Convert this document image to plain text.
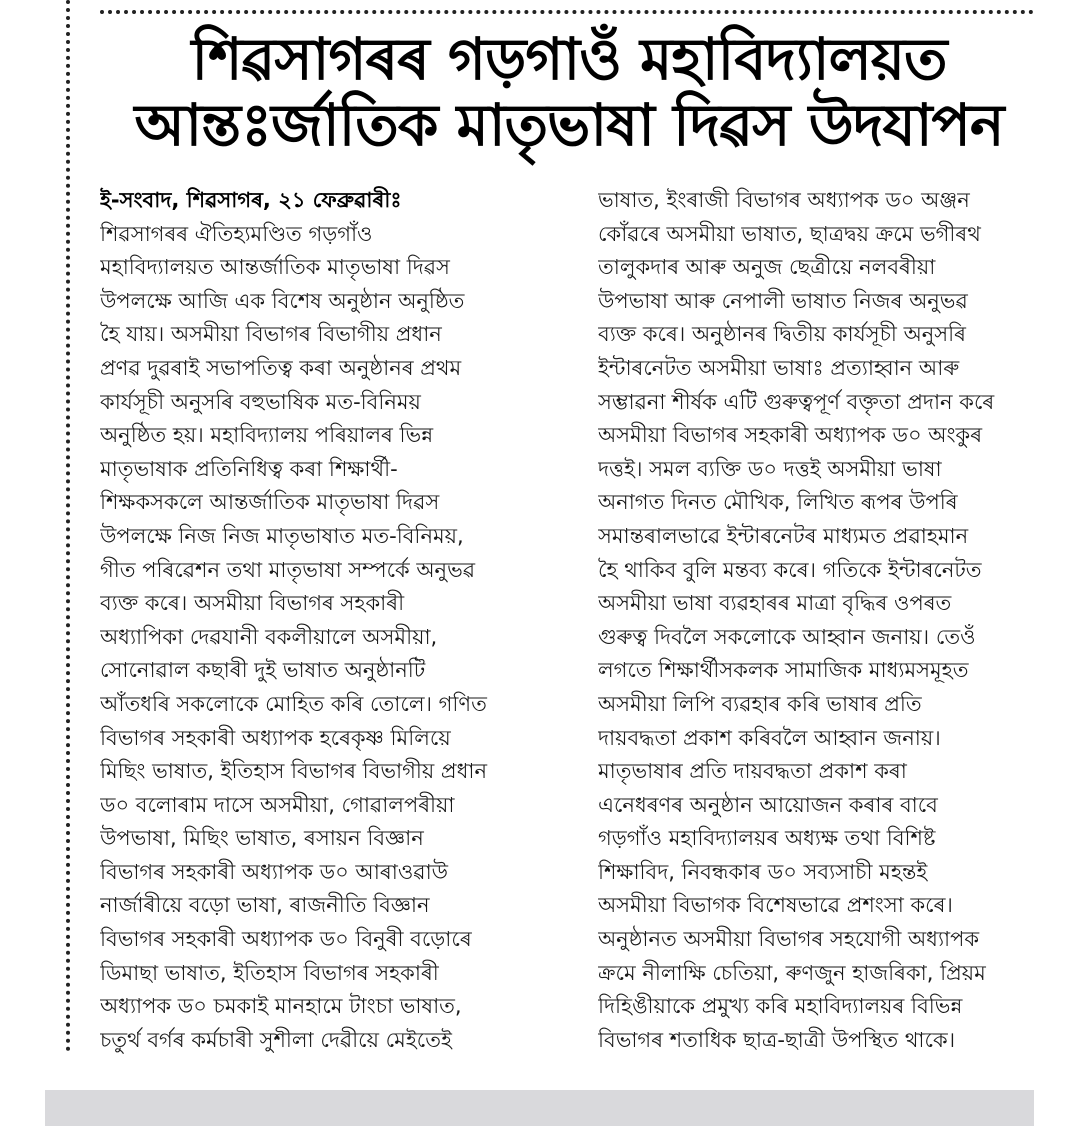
শিৱসাগৰৰ গড়গাওঁ মহাবিদ্যালয়ত
আন্তঃৰ্জাতিক মাতৃভাষা দিৱস উদযাপন
ই-সংবাদ, শিৱসাগৰ, ২১ ফেব্ৰুৱাৰীঃ
শিৱসাগৰৰ ঐতিহ্যমণ্ডিত গড়গাঁও
মহাবিদ্যালয়ত আন্তৰ্জাতিক মাতৃভাষা দিৱস
উপলক্ষে আজি এক বিশেষ অনুষ্ঠান অনুষ্ঠিত
হৈ যায়। অসমীয়া বিভাগৰ বিভাগীয় প্ৰধান
প্ৰণৱ দুৱৰাই সভাপতিত্ব কৰা অনুষ্ঠানৰ প্ৰথম
কাৰ্যসূচী অনুসৰি বহুভাষিক মত-বিনিময়
অনুষ্ঠিত হয়। মহাবিদ্যালয় পৰিয়ালৰ ভিন্ন
মাতৃভাষাক প্ৰতিনিধিত্ব কৰা শিক্ষাৰ্থী-
শিক্ষকসকলে আন্তৰ্জাতিক মাতৃভাষা দিৱস
উপলক্ষে নিজ নিজ মাতৃভাষাত মত-বিনিময়,
গীত পৰিৱেশন তথা মাতৃভাষা সম্পৰ্কে অনুভৱ
ব্যক্ত কৰে। অসমীয়া বিভাগৰ সহকাৰী
অধ্যাপিকা দেৱযানী বকলীয়ালে অসমীয়া,
সোনোৱাল কছাৰী দুই ভাষাত অনুষ্ঠানটি
আঁতধৰি সকলোকে মোহিত কৰি তোলে। গণিত
বিভাগৰ সহকাৰী অধ্যাপক হৰেকৃষ্ণ মিলিয়ে
মিছিং ভাষাত, ইতিহাস বিভাগৰ বিভাগীয় প্ৰধান
ড০ বলোৰাম দাসে অসমীয়া, গোৱালপৰীয়া
উপভাষা, মিছিং ভাষাত, ৰসায়ন বিজ্ঞান
বিভাগৰ সহকাৰী অধ্যাপক ড০ আৰাওৱাউ
নাৰ্জাৰীয়ে বড়ো ভাষা, ৰাজনীতি বিজ্ঞান
বিভাগৰ সহকাৰী অধ্যাপক ড০ বিনুৰী বড়োৰে
ডিমাছা ভাষাত, ইতিহাস বিভাগৰ সহকাৰী
অধ্যাপক ড০ চমকাই মানহামে টাংচা ভাষাত,
চতুৰ্থ বৰ্গৰ কৰ্মচাৰী সুশীলা দেৱীয়ে মেইতেই
ভাষাত, ইংৰাজী বিভাগৰ অধ্যাপক ড০ অঞ্জন
কোঁৱৰে অসমীয়া ভাষাত, ছাত্ৰদ্বয় ক্ৰমে ভগীৰথ
তালুকদাৰ আৰু অনুজ ছেত্ৰীয়ে নলবৰীয়া
উপভাষা আৰু নেপালী ভাষাত নিজৰ অনুভৱ
ব্যক্ত কৰে। অনুষ্ঠানৰ দ্বিতীয় কাৰ্যসূচী অনুসৰি
ইন্টাৰনেটত অসমীয়া ভাষাঃ প্ৰত্যাহ্বান আৰু
সম্ভাৱনা শীৰ্ষক এটি গুৰুত্বপূৰ্ণ বক্তৃতা প্ৰদান কৰে
অসমীয়া বিভাগৰ সহকাৰী অধ্যাপক ড০ অংকুৰ
দত্তই। সমল ব্যক্তি ড০ দত্তই অসমীয়া ভাষা
অনাগত দিনত মৌখিক, লিখিত ৰূপৰ উপৰি
সমান্তৰালভাৱে ইন্টাৰনেটৰ মাধ্যমত প্ৰৱাহমান
হৈ থাকিব বুলি মন্তব্য কৰে। গতিকে ইন্টাৰনেটত
অসমীয়া ভাষা ব্যৱহাৰৰ মাত্ৰা বৃদ্ধিৰ ওপৰত
গুৰুত্ব দিবলৈ সকলোকে আহ্বান জনায়। তেওঁ
লগতে শিক্ষাৰ্থীসকলক সামাজিক মাধ্যমসমূহত
অসমীয়া লিপি ব্যৱহাৰ কৰি ভাষাৰ প্ৰতি
দায়বদ্ধতা প্ৰকাশ কৰিবলৈ আহ্বান জনায়।
মাতৃভাষাৰ প্ৰতি দায়বদ্ধতা প্ৰকাশ কৰা
এনেধৰণৰ অনুষ্ঠান আয়োজন কৰাৰ বাবে
গড়গাঁও মহাবিদ্যালয়ৰ অধ্যক্ষ তথা বিশিষ্ট
শিক্ষাবিদ, নিবন্ধকাৰ ড০ সব্যসাচী মহন্তই
অসমীয়া বিভাগক বিশেষভাৱে প্ৰশংসা কৰে।
অনুষ্ঠানত অসমীয়া বিভাগৰ সহযোগী অধ্যাপক
ক্ৰমে নীলাক্ষি চেতিয়া, ৰুণজুন হাজৰিকা, প্ৰিয়ম
দিহিঙীয়াকে প্ৰমুখ্য কৰি মহাবিদ্যালয়ৰ বিভিন্ন
বিভাগৰ শতাধিক ছাত্ৰ-ছাত্ৰী উপস্থিত থাকে।
